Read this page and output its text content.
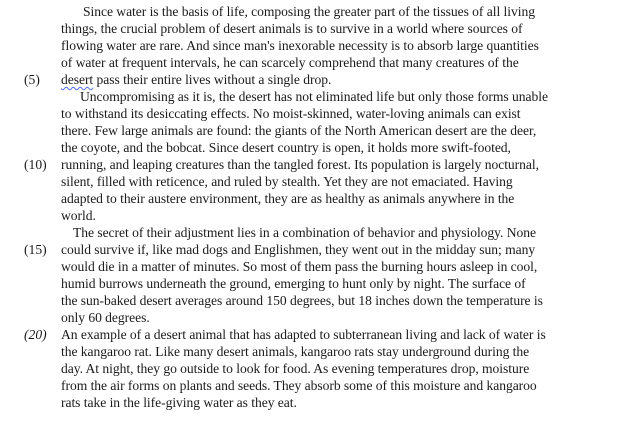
Since water is the basis of life, composing the greater part of the tissues of all living
things, the crucial problem of desert animals is to survive in a world where sources of
flowing water are rare. And since man's inexorable necessity is to absorb large quantities
of water at frequent intervals, he can scarcely comprehend that many creatures of the
desert pass their entire lives without a single drop.
Uncompromising as it is, the desert has not eliminated life but only those forms unable
to withstand its desiccating effects. No moist-skinned, water-loving animals can exist
there. Few large animals are found: the giants of the North American desert are the deer,
the coyote, and the bobcat. Since desert country is open, it holds more swift-footed,
running, and leaping creatures than the tangled forest. Its population is largely nocturnal,
silent, filled with reticence, and ruled by stealth. Yet they are not emaciated. Having
adapted to their austere environment, they are as healthy as animals anywhere in the
world.
The secret of their adjustment lies in a combination of behavior and physiology. None
could survive if, like mad dogs and Englishmen, they went out in the midday sun; many
would die in a matter of minutes. So most of them pass the burning hours asleep in cool,
humid burrows underneath the ground, emerging to hunt only by night. The surface of
the sun-baked desert averages around 150 degrees, but 18 inches down the temperature is
only 60 degrees.
An example of a desert animal that has adapted to subterranean living and lack of water is
the kangaroo rat. Like many desert animals, kangaroo rats stay underground during the
day. At night, they go outside to look for food. As evening temperatures drop, moisture
from the air forms on plants and seeds. They absorb some of this moisture and kangaroo
rats take in the life-giving water as they eat.
(5)
(10)
(15)
(20)
